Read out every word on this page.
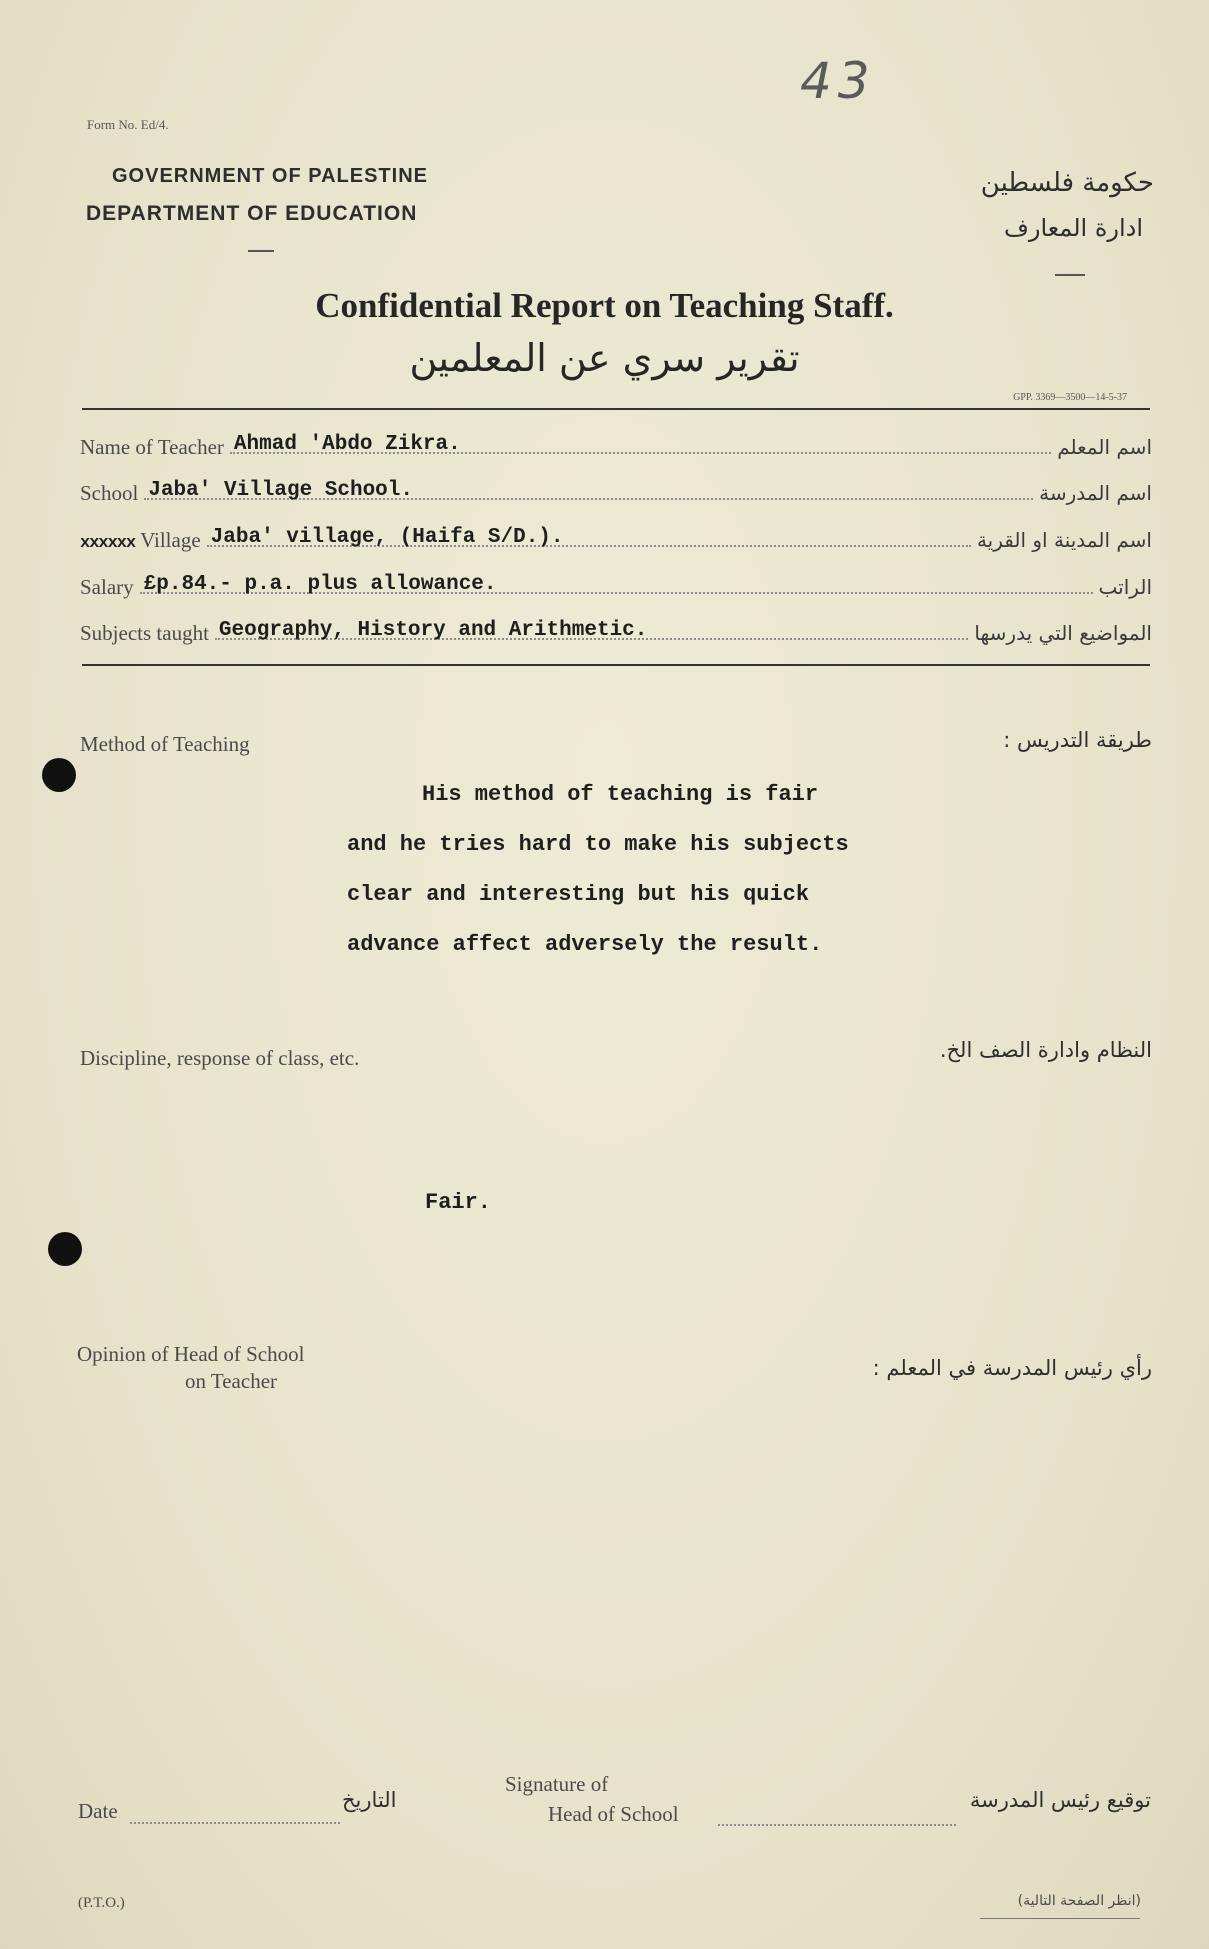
43
Form No. Ed/4.
GOVERNMENT OF PALESTINE
DEPARTMENT OF EDUCATION
حكومة فلسطين
ادارة المعارف
Confidential Report on Teaching Staff.
تقرير سري عن المعلمين
GPP. 3369—3500—14-5-37
Name of Teacher Ahmad 'Abdo Zikra.	اسم المعلم
School Jaba' Village School.	اسم المدرسة
xxxxxx Village Jaba' village, (Haifa S/D.).	اسم المدينة او القرية
Salary £p.84.- p.a. plus allowance.	الراتب
Subjects taught Geography, History and Arithmetic.	المواضيع التي يدرسها
Method of Teaching	طريقة التدريس :
His method of teaching is fair
and he tries hard to make his subjects
clear and interesting but his quick
advance affect adversely the result.
Discipline, response of class, etc.	النظام وادارة الصف الخ.
Fair.
Opinion of Head of School
on Teacher
رأي رئيس المدرسة في المعلم :
Date	التاريخ
Signature of
Head of School
توقيع رئيس المدرسة
(P.T.O.)	(انظر الصفحة التالية)
